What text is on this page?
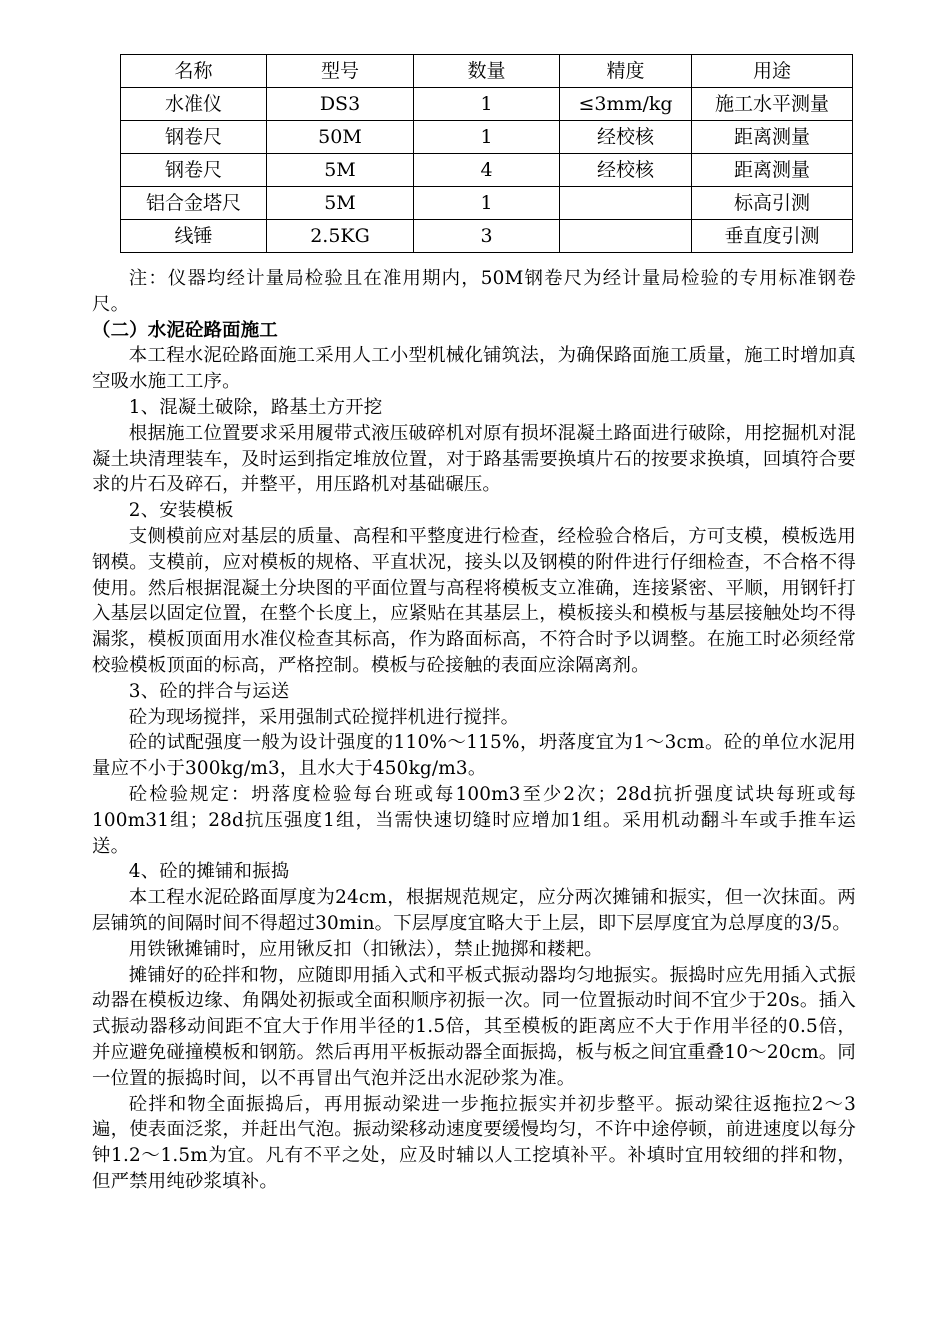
名称	型号	数量	精度	用途
水准仪	DS3	1	≤3mm/kg	施工水平测量
钢卷尺	50M	1	经校核	距离测量
钢卷尺	5M	4	经校核	距离测量
铝合金塔尺	5M	1		标高引测
线锤	2.5KG	3		垂直度引测

注：仪器均经计量局检验且在准用期内，50M钢卷尺为经计量局检验的专用标准钢卷尺。

（二）水泥砼路面施工

本工程水泥砼路面施工采用人工小型机械化铺筑法，为确保路面施工质量，施工时增加真空吸水施工工序。

1、混凝土破除，路基土方开挖

根据施工位置要求采用履带式液压破碎机对原有损坏混凝土路面进行破除，用挖掘机对混凝土块清理装车，及时运到指定堆放位置，对于路基需要换填片石的按要求换填，回填符合要求的片石及碎石，并整平，用压路机对基础碾压。

2、安装模板

支侧模前应对基层的质量、高程和平整度进行检查，经检验合格后，方可支模，模板选用钢模。支模前，应对模板的规格、平直状况，接头以及钢模的附件进行仔细检查，不合格不得使用。然后根据混凝土分块图的平面位置与高程将模板支立准确，连接紧密、平顺，用钢钎打入基层以固定位置，在整个长度上，应紧贴在其基层上，模板接头和模板与基层接触处均不得漏浆，模板顶面用水准仪检查其标高，作为路面标高，不符合时予以调整。在施工时必须经常校验模板顶面的标高，严格控制。模板与砼接触的表面应涂隔离剂。

3、砼的拌合与运送

砼为现场搅拌，采用强制式砼搅拌机进行搅拌。

砼的试配强度一般为设计强度的110%～115%，坍落度宜为1～3cm。砼的单位水泥用量应不小于300kg/m3，且水大于450kg/m3。

砼检验规定：坍落度检验每台班或每100m3至少2次；28d抗折强度试块每班或每100m31组；28d抗压强度1组，当需快速切缝时应增加1组。采用机动翻斗车或手推车运送。

4、砼的摊铺和振捣

本工程水泥砼路面厚度为24cm，根据规范规定，应分两次摊铺和振实，但一次抹面。两层铺筑的间隔时间不得超过30min。下层厚度宜略大于上层，即下层厚度宜为总厚度的3/5。

用铁锹摊铺时，应用锹反扣（扣锹法），禁止抛掷和耧耙。

摊铺好的砼拌和物，应随即用插入式和平板式振动器均匀地振实。振捣时应先用插入式振动器在模板边缘、角隅处初振或全面积顺序初振一次。同一位置振动时间不宜少于20s。插入式振动器移动间距不宜大于作用半径的1.5倍，其至模板的距离应不大于作用半径的0.5倍，并应避免碰撞模板和钢筋。然后再用平板振动器全面振捣，板与板之间宜重叠10～20cm。同一位置的振捣时间，以不再冒出气泡并泛出水泥砂浆为准。

砼拌和物全面振捣后，再用振动梁进一步拖拉振实并初步整平。振动梁往返拖拉2～3遍，使表面泛浆，并赶出气泡。振动梁移动速度要缓慢均匀，不许中途停顿，前进速度以每分钟1.2～1.5m为宜。凡有不平之处，应及时辅以人工挖填补平。补填时宜用较细的拌和物，但严禁用纯砂浆填补。
